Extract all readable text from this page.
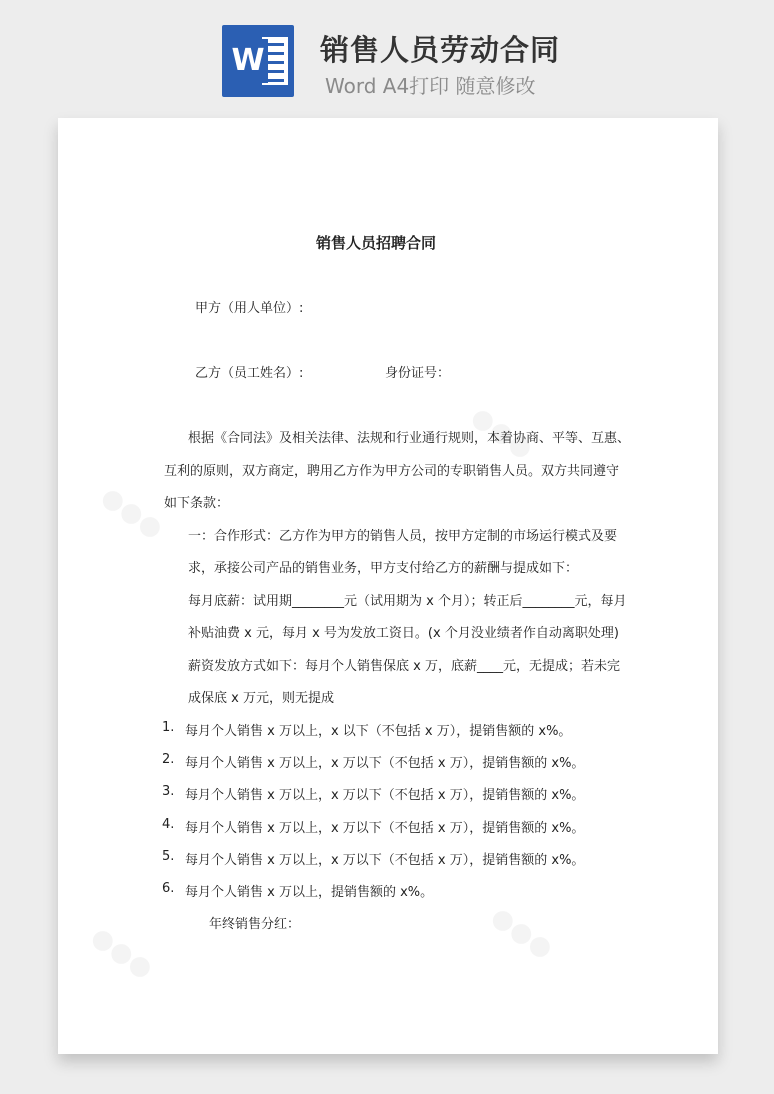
W 销售人员劳动合同
Word A4打印 随意修改
●●●
●●●
●●●	●●●
销售人员招聘合同
甲方（用人单位）:
乙方（员工姓名）:	身份证号：
根据《合同法》及相关法律、法规和行业通行规则，本着协商、平等、互惠、
互利的原则，双方商定，聘用乙方作为甲方公司的专职销售人员。双方共同遵守
如下条款：
一：合作形式：乙方作为甲方的销售人员，按甲方定制的市场运行模式及要
求，承接公司产品的销售业务，甲方支付给乙方的薪酬与提成如下：
每月底薪：试用期________元（试用期为 x 个月）；转正后________元，每月
补贴油费 x 元，每月 x 号为发放工资日。(x 个月没业绩者作自动离职处理)
薪资发放方式如下：每月个人销售保底 x 万，底薪____元，无提成；若未完
成保底 x 万元，则无提成
1. 每月个人销售 x 万以上，x 以下（不包括 x 万），提销售额的 x%。
2. 每月个人销售 x 万以上，x 万以下（不包括 x 万），提销售额的 x%。
3. 每月个人销售 x 万以上，x 万以下（不包括 x 万），提销售额的 x%。
4. 每月个人销售 x 万以上，x 万以下（不包括 x 万），提销售额的 x%。
5. 每月个人销售 x 万以上，x 万以下（不包括 x 万），提销售额的 x%。
6. 每月个人销售 x 万以上，提销售额的 x%。
年终销售分红：
